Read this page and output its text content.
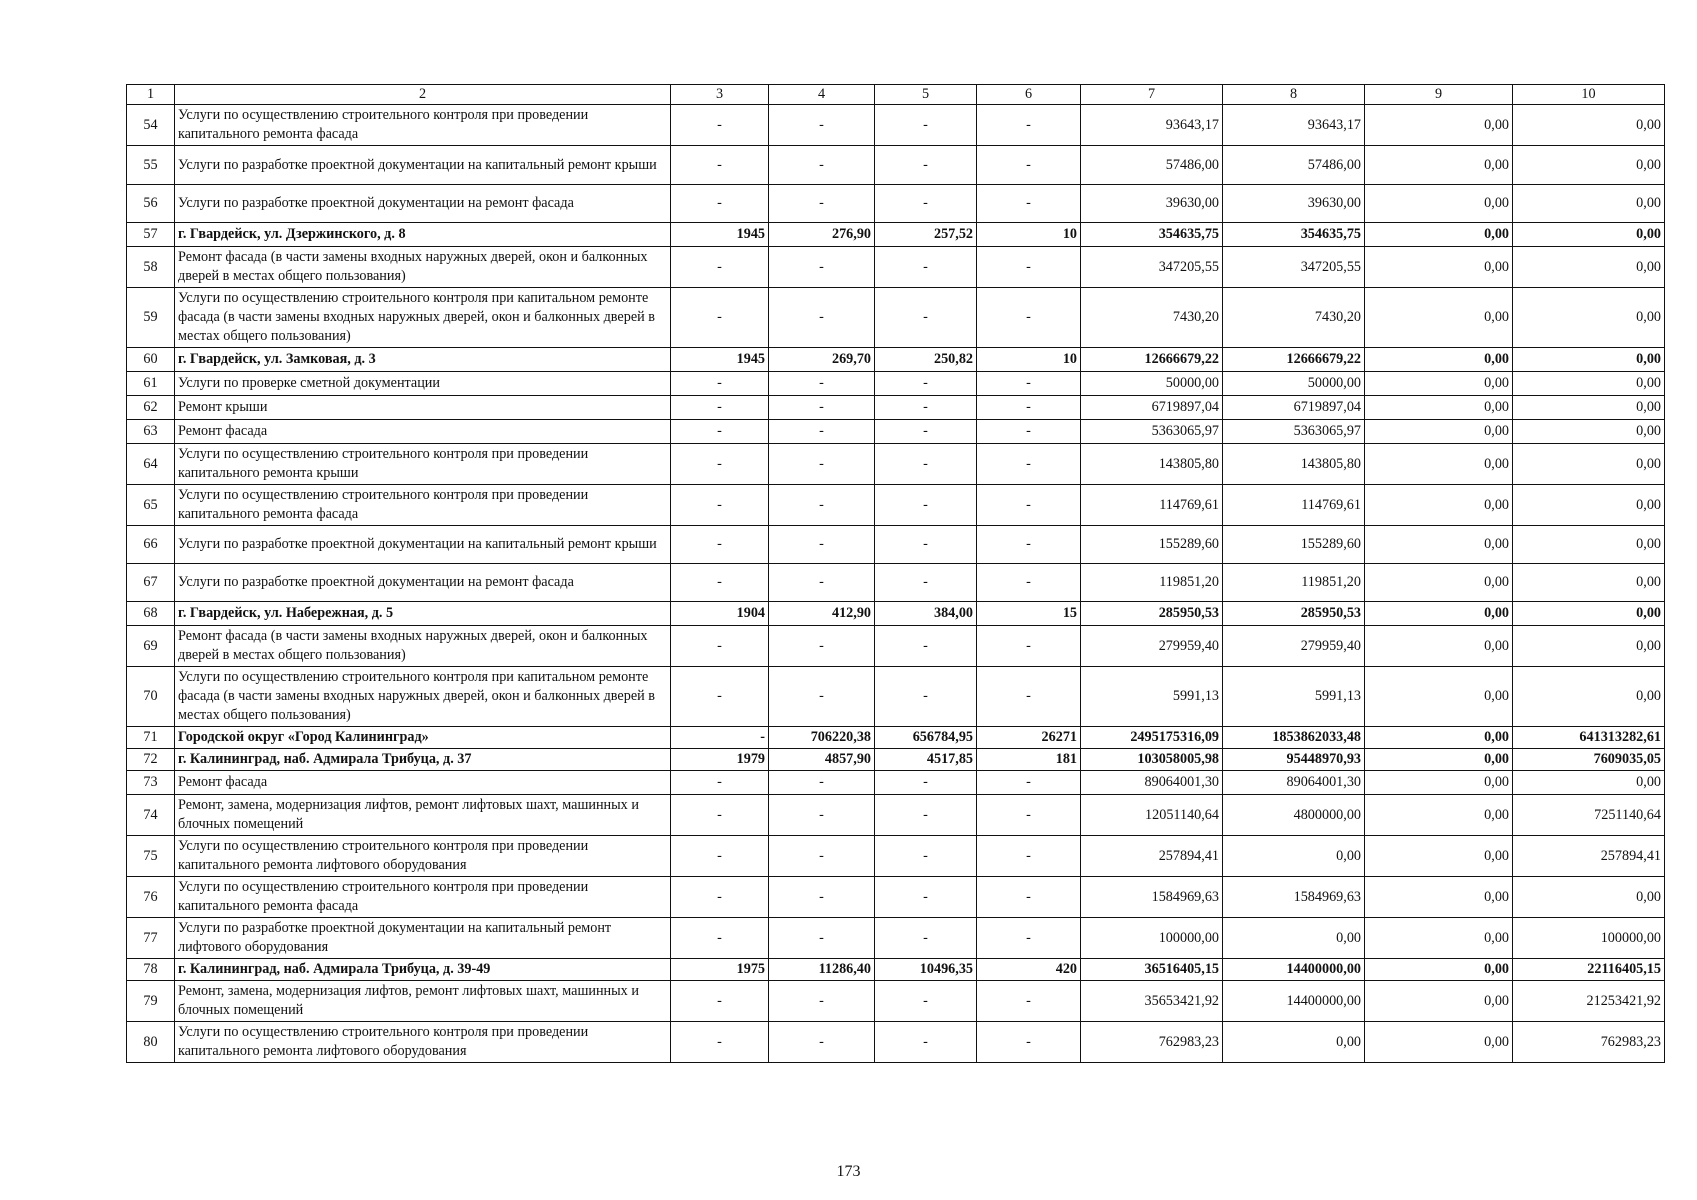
1	2	3	4	5	6	7	8	9	10
54	Услуги по осуществлению строительного контроля при проведении капитального ремонта фасада	-	-	-	-	93643,17	93643,17	0,00	0,00
55	Услуги по разработке проектной документации на капитальный ремонт крыши	-	-	-	-	57486,00	57486,00	0,00	0,00
56	Услуги по разработке проектной документации на ремонт фасада	-	-	-	-	39630,00	39630,00	0,00	0,00
57	г. Гвардейск, ул. Дзержинского, д. 8	1945	276,90	257,52	10	354635,75	354635,75	0,00	0,00
58	Ремонт фасада (в части замены входных наружных дверей, окон и балконных дверей в местах общего пользования)	-	-	-	-	347205,55	347205,55	0,00	0,00
59	Услуги по осуществлению строительного контроля при капитальном ремонте фасада (в части замены входных наружных дверей, окон и балконных дверей в местах общего пользования)	-	-	-	-	7430,20	7430,20	0,00	0,00
60	г. Гвардейск, ул. Замковая, д. 3	1945	269,70	250,82	10	12666679,22	12666679,22	0,00	0,00
61	Услуги по проверке сметной документации	-	-	-	-	50000,00	50000,00	0,00	0,00
62	Ремонт крыши	-	-	-	-	6719897,04	6719897,04	0,00	0,00
63	Ремонт фасада	-	-	-	-	5363065,97	5363065,97	0,00	0,00
64	Услуги по осуществлению строительного контроля при проведении капитального ремонта крыши	-	-	-	-	143805,80	143805,80	0,00	0,00
65	Услуги по осуществлению строительного контроля при проведении капитального ремонта фасада	-	-	-	-	114769,61	114769,61	0,00	0,00
66	Услуги по разработке проектной документации на капитальный ремонт крыши	-	-	-	-	155289,60	155289,60	0,00	0,00
67	Услуги по разработке проектной документации на ремонт фасада	-	-	-	-	119851,20	119851,20	0,00	0,00
68	г. Гвардейск, ул. Набережная, д. 5	1904	412,90	384,00	15	285950,53	285950,53	0,00	0,00
69	Ремонт фасада (в части замены входных наружных дверей, окон и балконных дверей в местах общего пользования)	-	-	-	-	279959,40	279959,40	0,00	0,00
70	Услуги по осуществлению строительного контроля при капитальном ремонте фасада (в части замены входных наружных дверей, окон и балконных дверей в местах общего пользования)	-	-	-	-	5991,13	5991,13	0,00	0,00
71	Городской округ «Город Калининград»	-	706220,38	656784,95	26271	2495175316,09	1853862033,48	0,00	641313282,61
72	г. Калининград, наб. Адмирала Трибуца, д. 37	1979	4857,90	4517,85	181	103058005,98	95448970,93	0,00	7609035,05
73	Ремонт фасада	-	-	-	-	89064001,30	89064001,30	0,00	0,00
74	Ремонт, замена, модернизация лифтов, ремонт лифтовых шахт, машинных и блочных помещений	-	-	-	-	12051140,64	4800000,00	0,00	7251140,64
75	Услуги по осуществлению строительного контроля при проведении капитального ремонта лифтового оборудования	-	-	-	-	257894,41	0,00	0,00	257894,41
76	Услуги по осуществлению строительного контроля при проведении капитального ремонта фасада	-	-	-	-	1584969,63	1584969,63	0,00	0,00
77	Услуги по разработке проектной документации на капитальный ремонт лифтового оборудования	-	-	-	-	100000,00	0,00	0,00	100000,00
78	г. Калининград, наб. Адмирала Трибуца, д. 39-49	1975	11286,40	10496,35	420	36516405,15	14400000,00	0,00	22116405,15
79	Ремонт, замена, модернизация лифтов, ремонт лифтовых шахт, машинных и блочных помещений	-	-	-	-	35653421,92	14400000,00	0,00	21253421,92
80	Услуги по осуществлению строительного контроля при проведении капитального ремонта лифтового оборудования	-	-	-	-	762983,23	0,00	0,00	762983,23
173
